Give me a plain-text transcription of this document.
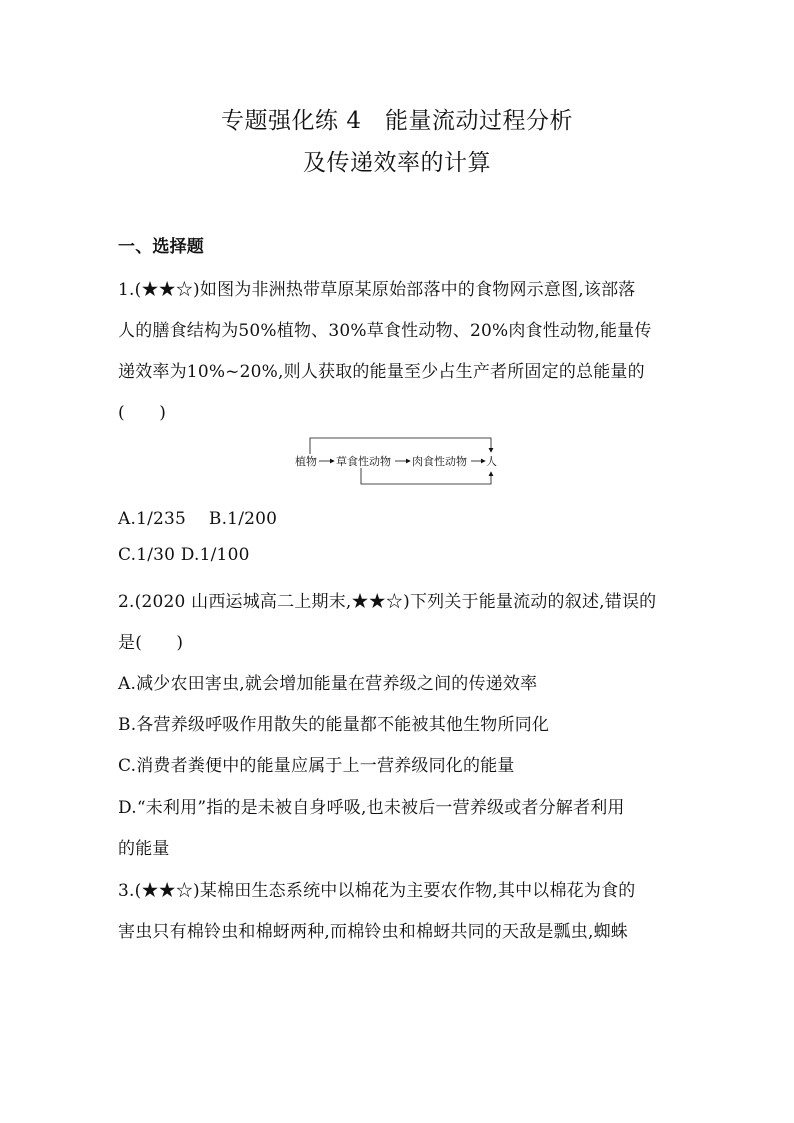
专题强化练 4　能量流动过程分析
及传递效率的计算
一、选择题
1.(★★☆)如图为非洲热带草原某原始部落中的食物网示意图,该部落
人的膳食结构为50%植物、30%草食性动物、20%肉食性动物,能量传
递效率为10%~20%,则人获取的能量至少占生产者所固定的总能量的
(　　)
植物 草食性动物 肉食性动物 人
A.1/235　 B.1/200
C.1/30 D.1/100
2.(2020 山西运城高二上期末,★★☆)下列关于能量流动的叙述,错误的
是(　　)
A.减少农田害虫,就会增加能量在营养级之间的传递效率
B.各营养级呼吸作用散失的能量都不能被其他生物所同化
C.消费者粪便中的能量应属于上一营养级同化的能量
D.“未利用”指的是未被自身呼吸,也未被后一营养级或者分解者利用
的能量
3.(★★☆)某棉田生态系统中以棉花为主要农作物,其中以棉花为食的
害虫只有棉铃虫和棉蚜两种,而棉铃虫和棉蚜共同的天敌是瓢虫,蜘蛛
